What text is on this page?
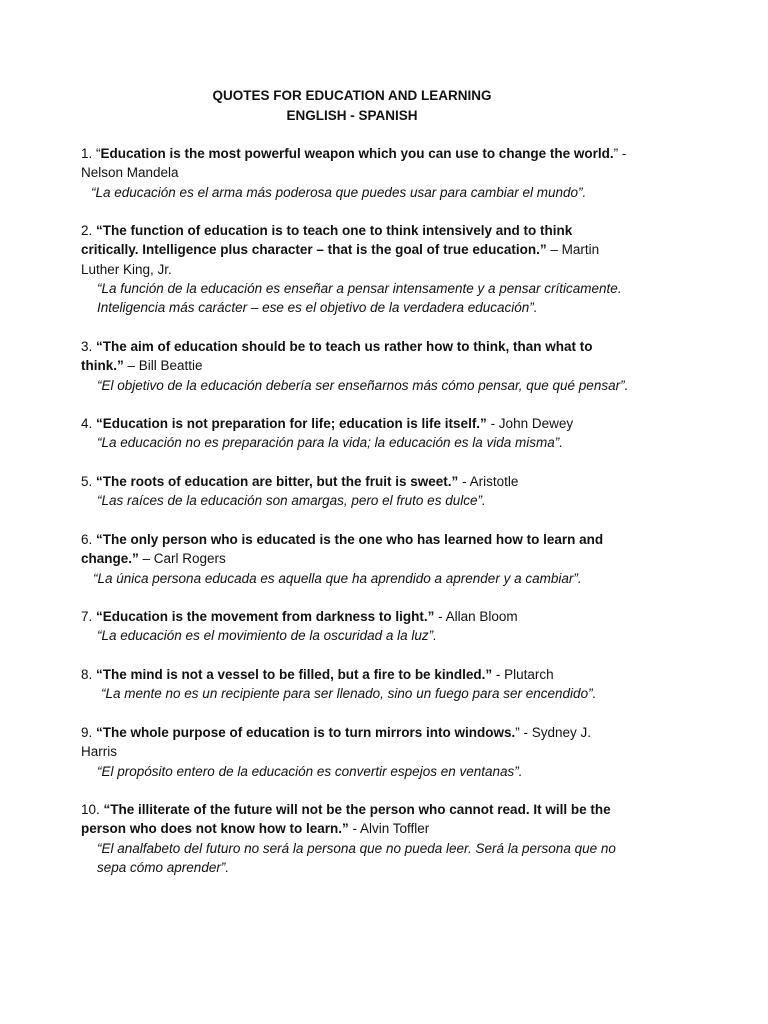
QUOTES FOR EDUCATION AND LEARNING
ENGLISH - SPANISH
1. “Education is the most powerful weapon which you can use to change the world.” - Nelson Mandela
“La educación es el arma más poderosa que puedes usar para cambiar el mundo”.
2. “The function of education is to teach one to think intensively and to think critically. Intelligence plus character – that is the goal of true education.” – Martin Luther King, Jr.
“La función de la educación es enseñar a pensar intensamente y a pensar críticamente. Inteligencia más carácter – ese es el objetivo de la verdadera educación”.
3. “The aim of education should be to teach us rather how to think, than what to think.” – Bill Beattie
“El objetivo de la educación debería ser enseñarnos más cómo pensar, que qué pensar”.
4. “Education is not preparation for life; education is life itself.” - John Dewey
“La educación no es preparación para la vida; la educación es la vida misma”.
5. “The roots of education are bitter, but the fruit is sweet.” - Aristotle
“Las raíces de la educación son amargas, pero el fruto es dulce”.
6. “The only person who is educated is the one who has learned how to learn and change.” – Carl Rogers
“La única persona educada es aquella que ha aprendido a aprender y a cambiar”.
7. “Education is the movement from darkness to light.” - Allan Bloom
“La educación es el movimiento de la oscuridad a la luz”.
8. “The mind is not a vessel to be filled, but a fire to be kindled.” - Plutarch
“La mente no es un recipiente para ser llenado, sino un fuego para ser encendido”.
9. “The whole purpose of education is to turn mirrors into windows.” - Sydney J. Harris
“El propósito entero de la educación es convertir espejos en ventanas”.
10. “The illiterate of the future will not be the person who cannot read. It will be the person who does not know how to learn.” - Alvin Toffler
“El analfabeto del futuro no será la persona que no pueda leer. Será la persona que no sepa cómo aprender”.
